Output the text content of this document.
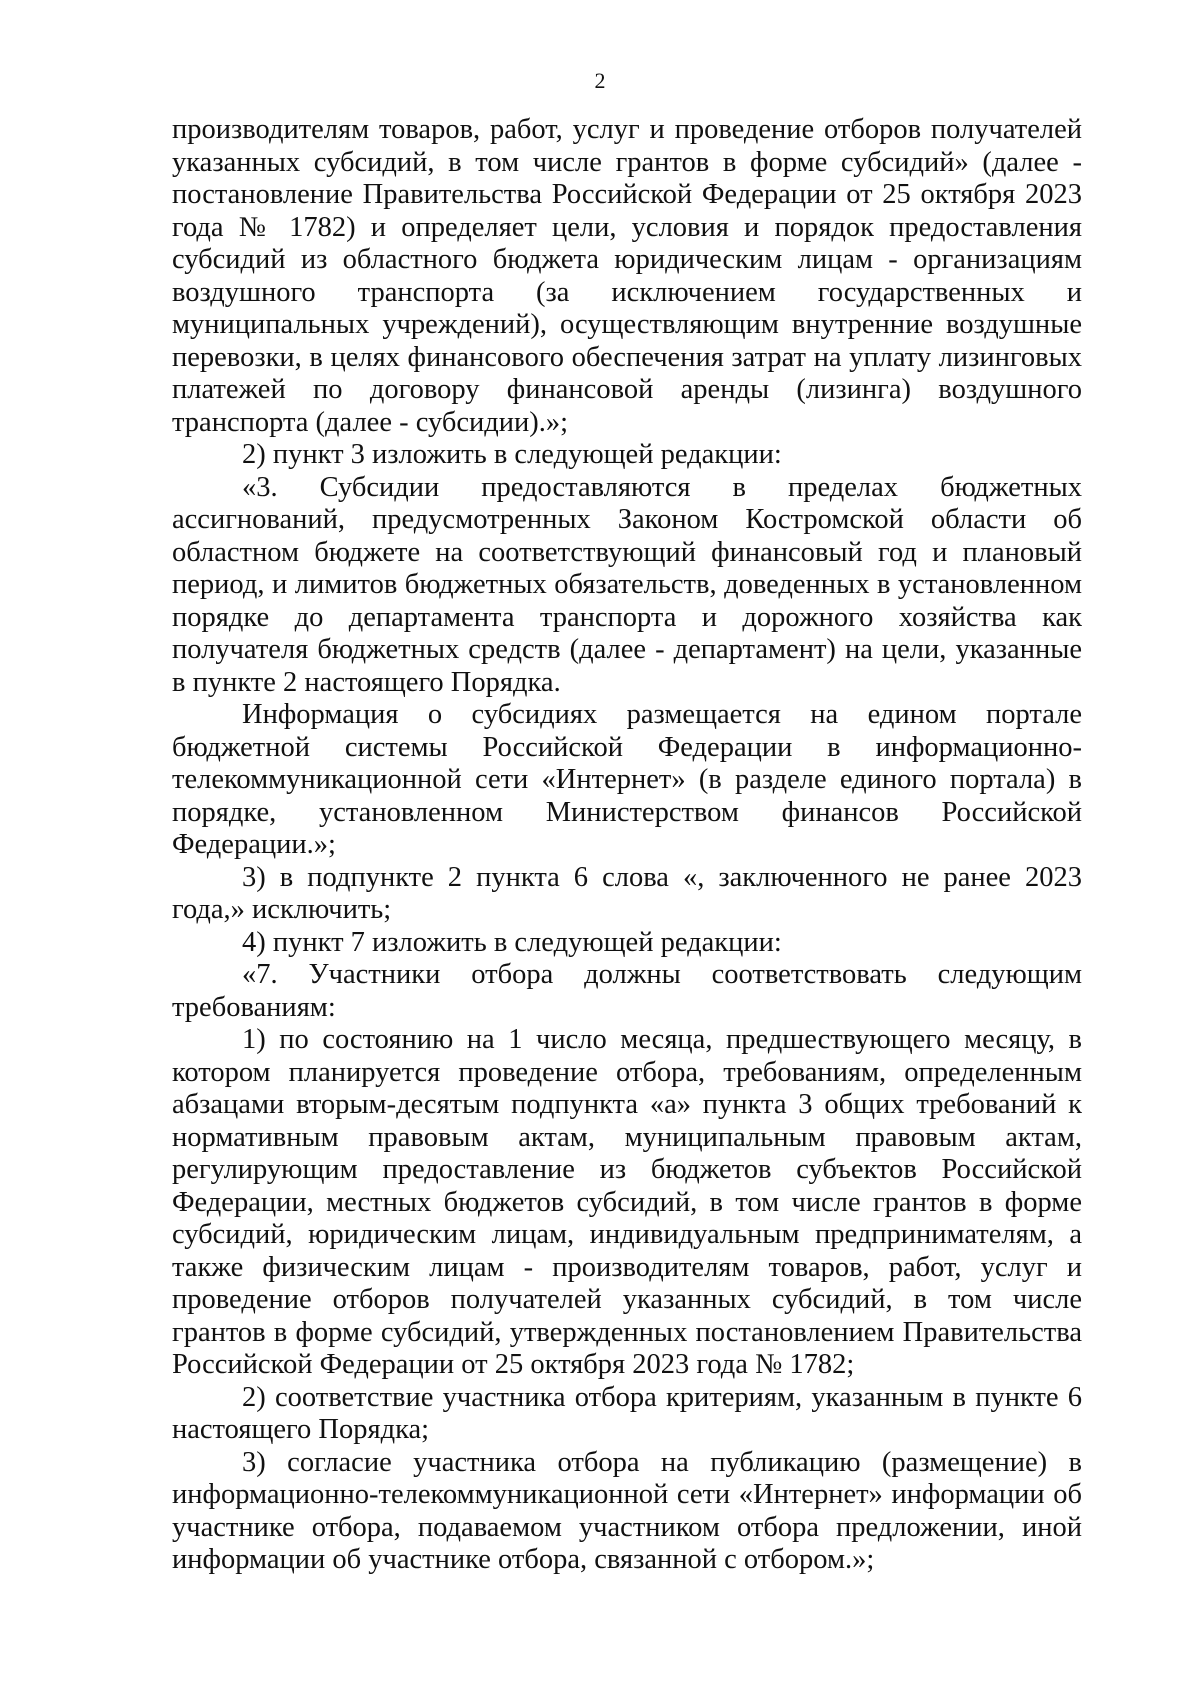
2

производителям товаров, работ, услуг и проведение отборов получателей указанных субсидий, в том числе грантов в форме субсидий» (далее - постановление Правительства Российской Федерации от 25 октября 2023 года № 1782) и определяет цели, условия и порядок предоставления субсидий из областного бюджета юридическим лицам - организациям воздушного транспорта (за исключением государственных и муниципальных учреждений), осуществляющим внутренние воздушные перевозки, в целях финансового обеспечения затрат на уплату лизинговых платежей по договору финансовой аренды (лизинга) воздушного транспорта (далее - субсидии).»;

2) пункт 3 изложить в следующей редакции:

«3. Субсидии предоставляются в пределах бюджетных ассигнований, предусмотренных Законом Костромской области об областном бюджете на соответствующий финансовый год и плановый период, и лимитов бюджетных обязательств, доведенных в установленном порядке до департамента транспорта и дорожного хозяйства как получателя бюджетных средств (далее - департамент) на цели, указанные в пункте 2 настоящего Порядка.

Информация о субсидиях размещается на едином портале бюджетной системы Российской Федерации в информационно-телекоммуникационной сети «Интернет» (в разделе единого портала) в порядке, установленном Министерством финансов Российской Федерации.»;

3) в подпункте 2 пункта 6 слова «, заключенного не ранее 2023 года,» исключить;

4) пункт 7 изложить в следующей редакции:

«7. Участники отбора должны соответствовать следующим требованиям:

1) по состоянию на 1 число месяца, предшествующего месяцу, в котором планируется проведение отбора, требованиям, определенным абзацами вторым-десятым подпункта «а» пункта 3 общих требований к нормативным правовым актам, муниципальным правовым актам, регулирующим предоставление из бюджетов субъектов Российской Федерации, местных бюджетов субсидий, в том числе грантов в форме субсидий, юридическим лицам, индивидуальным предпринимателям, а также физическим лицам - производителям товаров, работ, услуг и проведение отборов получателей указанных субсидий, в том числе грантов в форме субсидий, утвержденных постановлением Правительства Российской Федерации от 25 октября 2023 года № 1782;

2) соответствие участника отбора критериям, указанным в пункте 6 настоящего Порядка;

3) согласие участника отбора на публикацию (размещение) в информационно-телекоммуникационной сети «Интернет» информации об участнике отбора, подаваемом участником отбора предложении, иной информации об участнике отбора, связанной с отбором.»;
